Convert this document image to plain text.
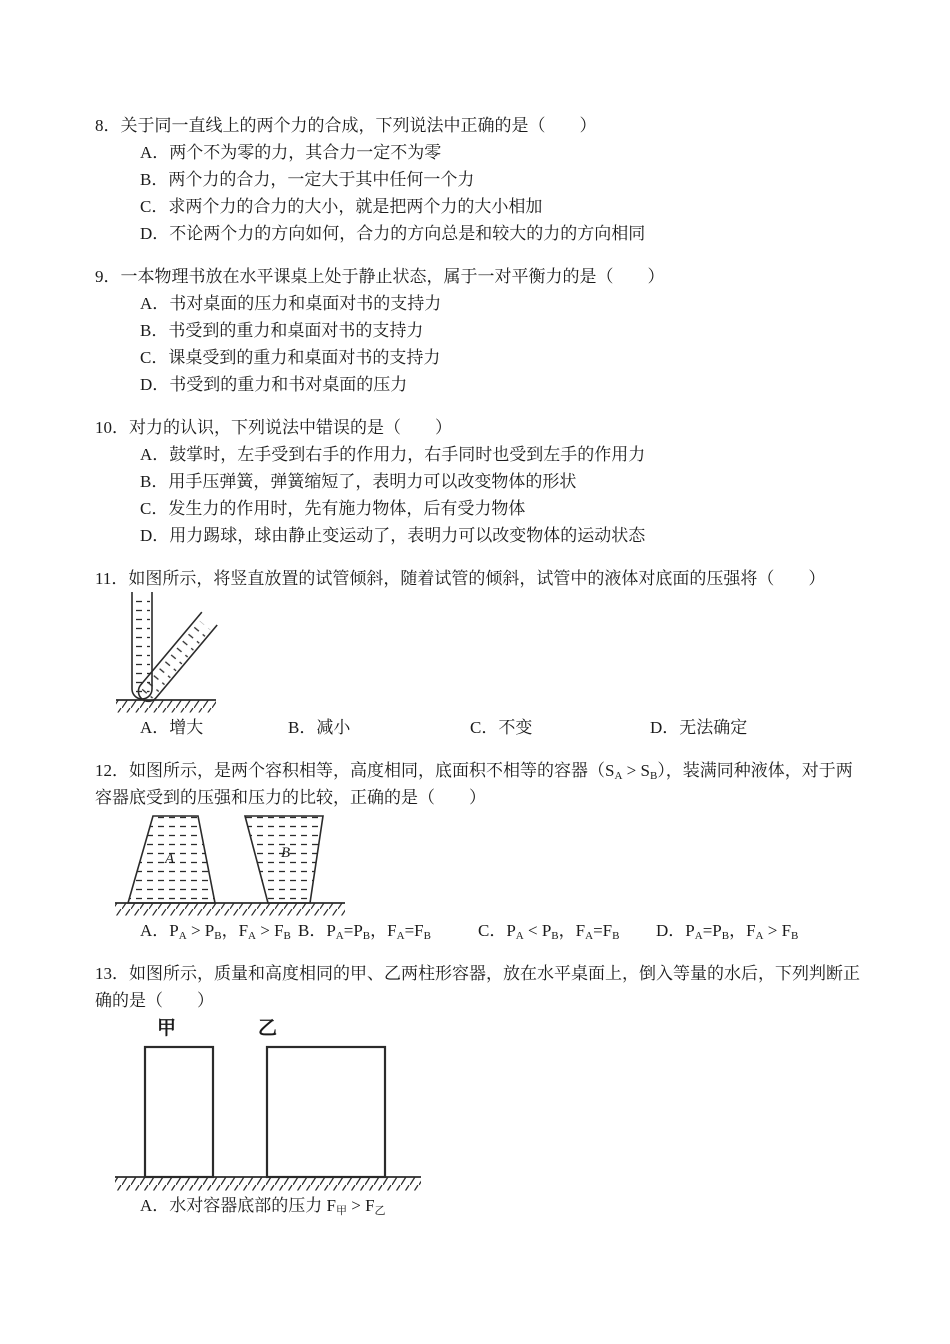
8．关于同一直线上的两个力的合成，下列说法中正确的是（　　）
A．两个不为零的力，其合力一定不为零
B．两个力的合力，一定大于其中任何一个力
C．求两个力的合力的大小，就是把两个力的大小相加
D．不论两个力的方向如何，合力的方向总是和较大的力的方向相同
9．一本物理书放在水平课桌上处于静止状态，属于一对平衡力的是（　　）
A．书对桌面的压力和桌面对书的支持力
B．书受到的重力和桌面对书的支持力
C．课桌受到的重力和桌面对书的支持力
D．书受到的重力和书对桌面的压力
10．对力的认识，下列说法中错误的是（　　）
A．鼓掌时，左手受到右手的作用力，右手同时也受到左手的作用力
B．用手压弹簧，弹簧缩短了，表明力可以改变物体的形状
C．发生力的作用时，先有施力物体，后有受力物体
D．用力踢球，球由静止变运动了，表明力可以改变物体的运动状态
11．如图所示，将竖直放置的试管倾斜，随着试管的倾斜，试管中的液体对底面的压强将（　　）
A．增大	B．减小	C．不变	D．无法确定
12．如图所示，是两个容积相等，高度相同，底面积不相等的容器$(S_A > S_B)$，装满同种液体，对于两容器底受到的压强和压力的比较，正确的是（　　）
A	B
A．$P_A > P_B$，$F_A > F_B$ B．$P_A=P_B$，$F_A=F_B$	C．$P_A < P_B$，$F_A=F_B$	D．$P_A=P_B$，$F_A > F_B$
13．如图所示，质量和高度相同的甲、乙两柱形容器，放在水平桌面上，倒入等量的水后，下列判断正确的是（　　）
甲	乙
A．水对容器底部的压力 $F_甲 > F_乙$
